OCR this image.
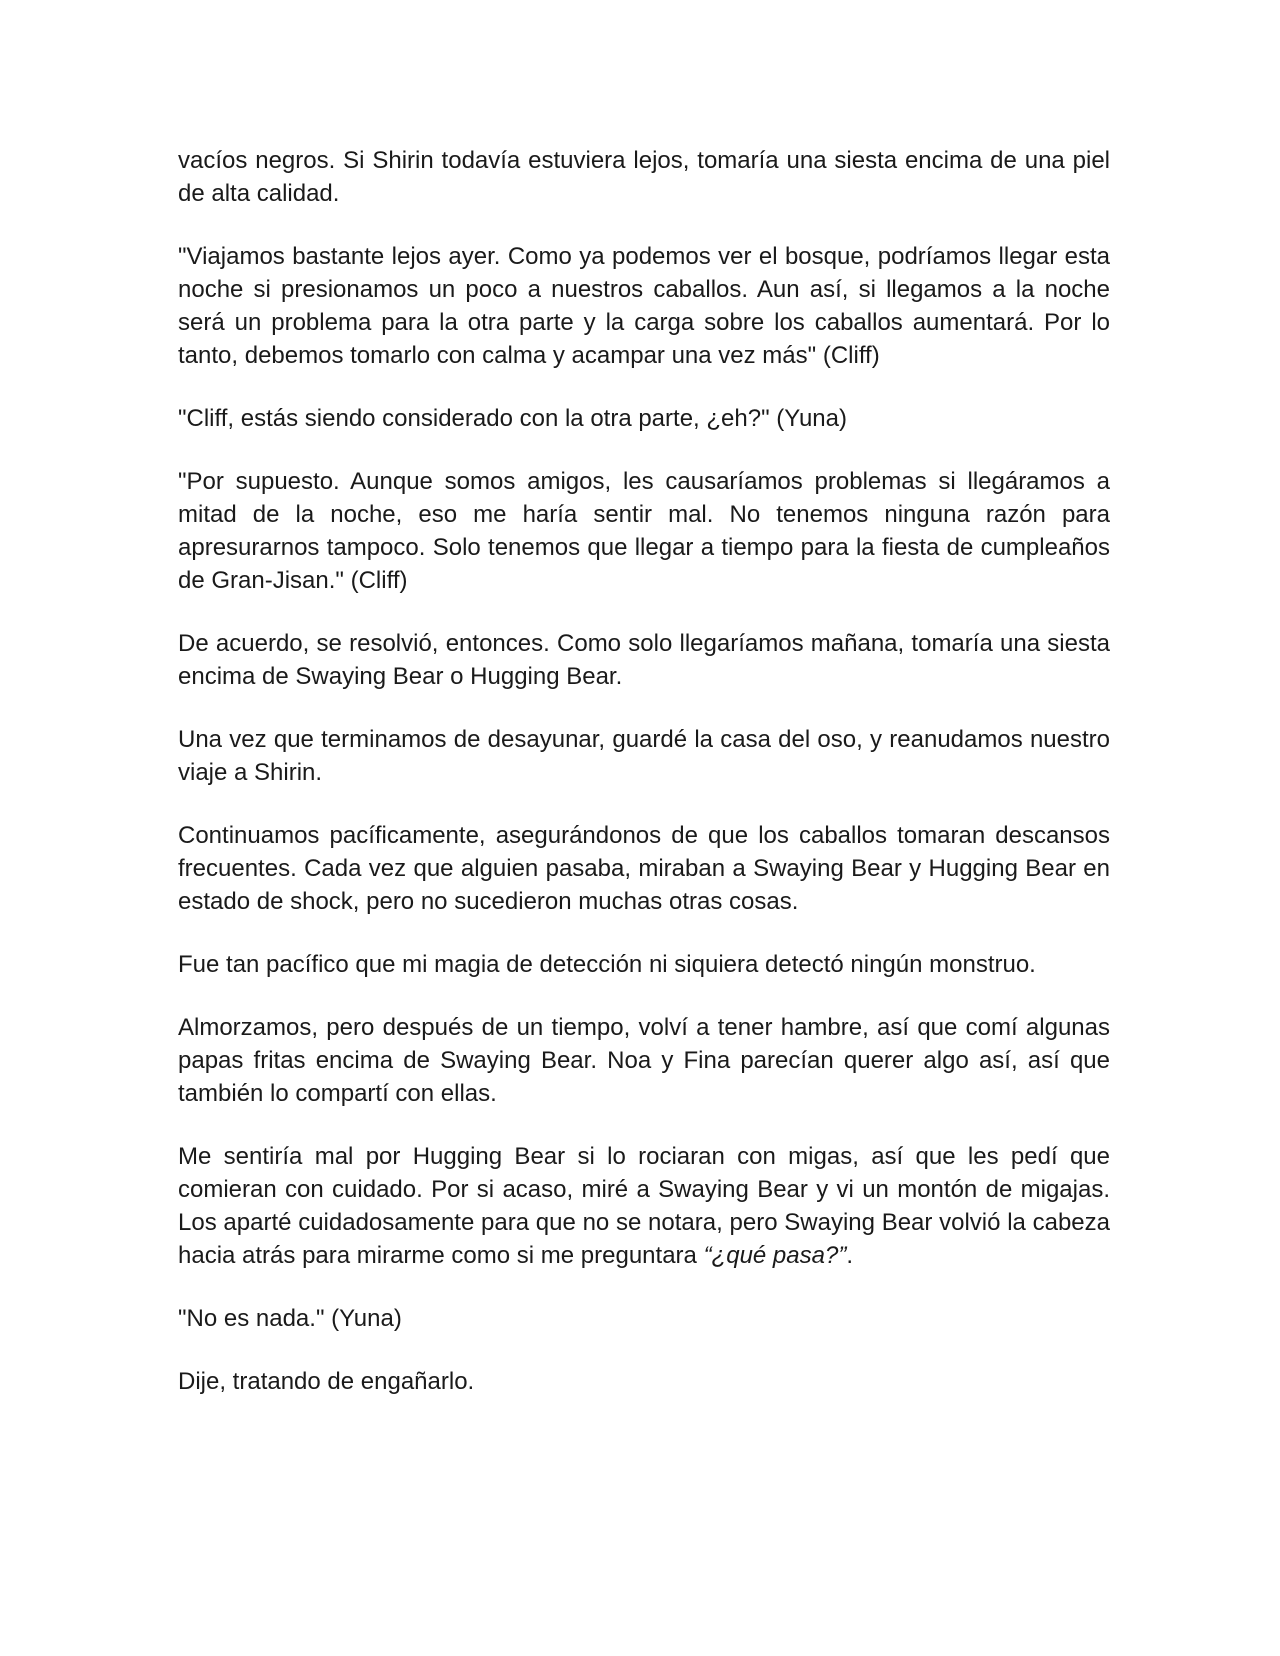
vacíos negros. Si Shirin todavía estuviera lejos, tomaría una siesta encima de una piel de alta calidad.

"Viajamos bastante lejos ayer. Como ya podemos ver el bosque, podríamos llegar esta noche si presionamos un poco a nuestros caballos. Aun así, si llegamos a la noche será un problema para la otra parte y la carga sobre los caballos aumentará. Por lo tanto, debemos tomarlo con calma y acampar una vez más" (Cliff)

"Cliff, estás siendo considerado con la otra parte, ¿eh?" (Yuna)

"Por supuesto. Aunque somos amigos, les causaríamos problemas si llegáramos a mitad de la noche, eso me haría sentir mal. No tenemos ninguna razón para apresurarnos tampoco. Solo tenemos que llegar a tiempo para la fiesta de cumpleaños de Gran-Jisan." (Cliff)

De acuerdo, se resolvió, entonces. Como solo llegaríamos mañana, tomaría una siesta encima de Swaying Bear o Hugging Bear.

Una vez que terminamos de desayunar, guardé la casa del oso, y reanudamos nuestro viaje a Shirin.

Continuamos pacíficamente, asegurándonos de que los caballos tomaran descansos frecuentes. Cada vez que alguien pasaba, miraban a Swaying Bear y Hugging Bear en estado de shock, pero no sucedieron muchas otras cosas.

Fue tan pacífico que mi magia de detección ni siquiera detectó ningún monstruo.

Almorzamos, pero después de un tiempo, volví a tener hambre, así que comí algunas papas fritas encima de Swaying Bear. Noa y Fina parecían querer algo así, así que también lo compartí con ellas.

Me sentiría mal por Hugging Bear si lo rociaran con migas, así que les pedí que comieran con cuidado. Por si acaso, miré a Swaying Bear y vi un montón de migajas. Los aparté cuidadosamente para que no se notara, pero Swaying Bear volvió la cabeza hacia atrás para mirarme como si me preguntara “¿qué pasa?”.

"No es nada." (Yuna)

Dije, tratando de engañarlo.
